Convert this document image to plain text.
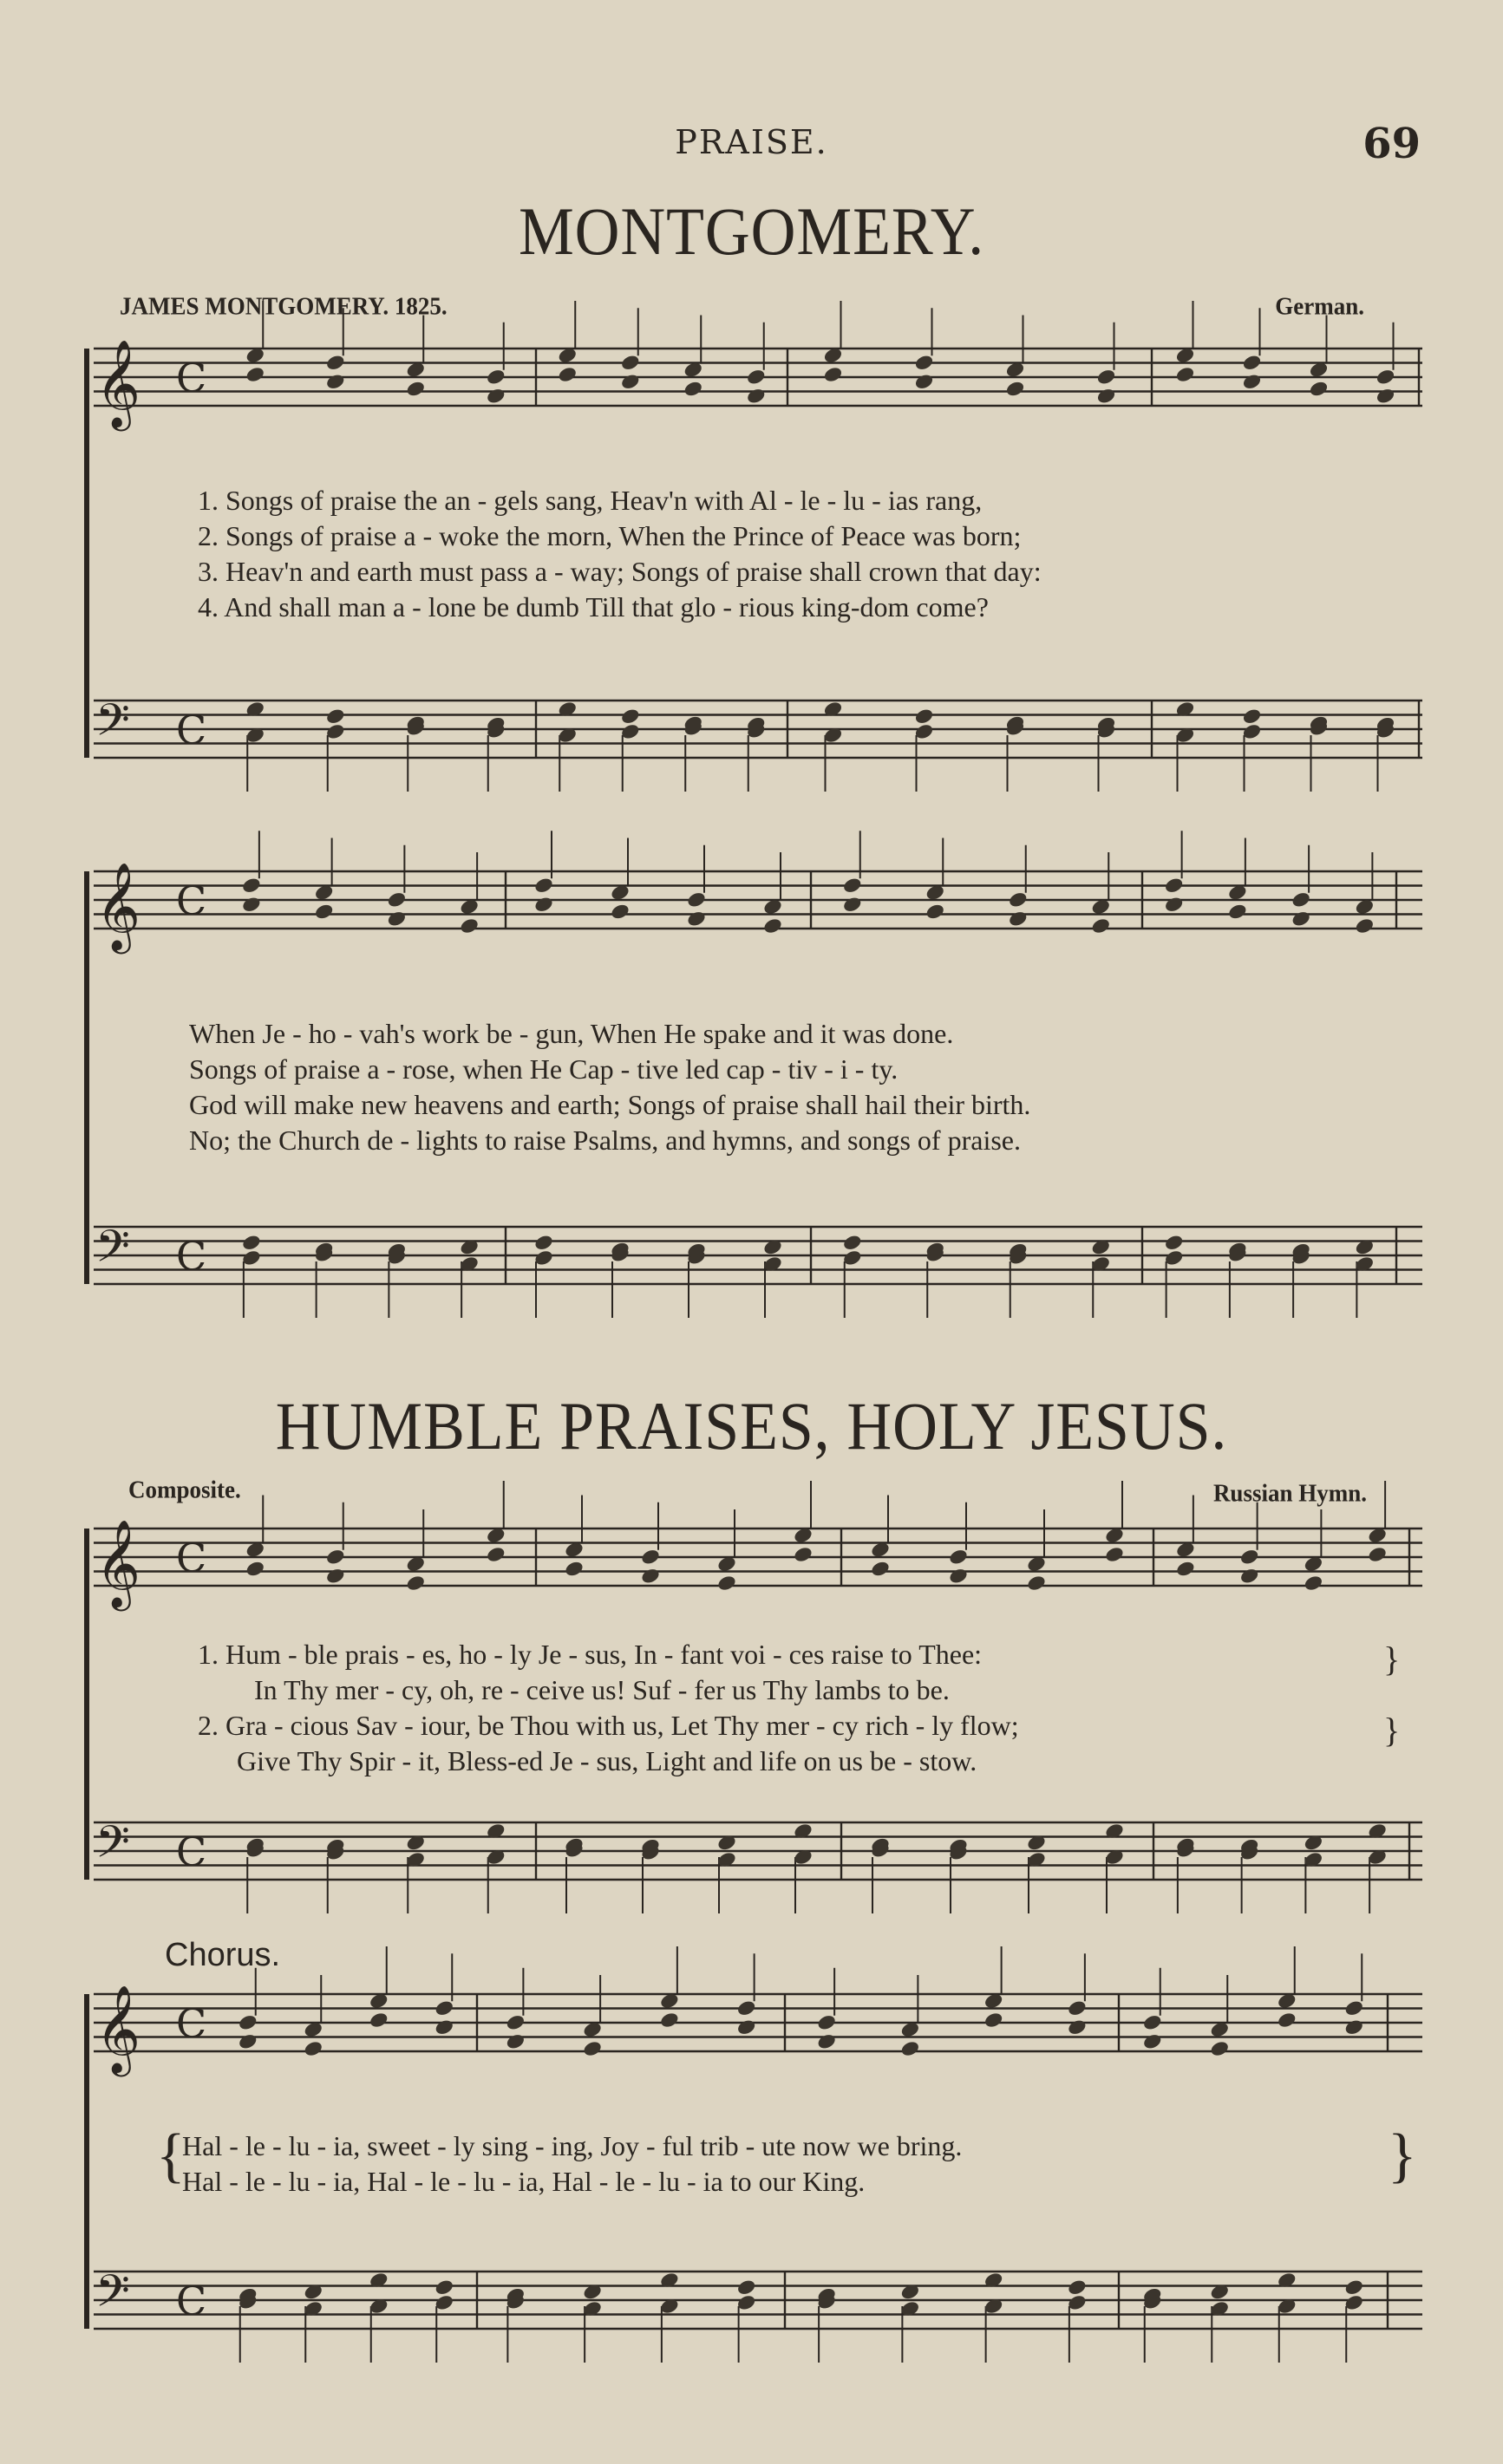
PRAISE.	69
MONTGOMERY.
JAMES MONTGOMERY. 1825.	German.
𝄞
𝄢
C
C
𝄞
𝄢
C
C
𝄞
𝄢
C
C
𝄞
𝄢
C
C
1. Songs of praise the an - gels sang, Heav'n with Al - le - lu - ias rang,
2. Songs of praise a - woke the morn, When the Prince of Peace was born;
3. Heav'n and earth must pass a - way; Songs of praise shall crown that day:
4. And shall man a - lone be dumb Till that glo - rious king-dom come?
When Je - ho - vah's work be - gun, When He spake and it was done.
Songs of praise a - rose, when He Cap - tive led cap - tiv - i - ty.
God will make new heavens and earth; Songs of praise shall hail their birth.
No; the Church de - lights to raise Psalms, and hymns, and songs of praise.
HUMBLE PRAISES, HOLY JESUS.
Composite.	Russian Hymn.
1. Hum - ble prais - es, ho - ly Je - sus, In - fant voi - ces raise to Thee:
In Thy mer - cy, oh, re - ceive us! Suf - fer us Thy lambs to be.
2. Gra - cious Sav - iour, be Thou with us, Let Thy mer - cy rich - ly flow;
Give Thy Spir - it, Bless-ed Je - sus, Light and life on us be - stow.
}
}
Chorus.
{
Hal - le - lu - ia, sweet - ly sing - ing, Joy - ful trib - ute now we bring.
Hal - le - lu - ia, Hal - le - lu - ia, Hal - le - lu - ia to our King.	}
